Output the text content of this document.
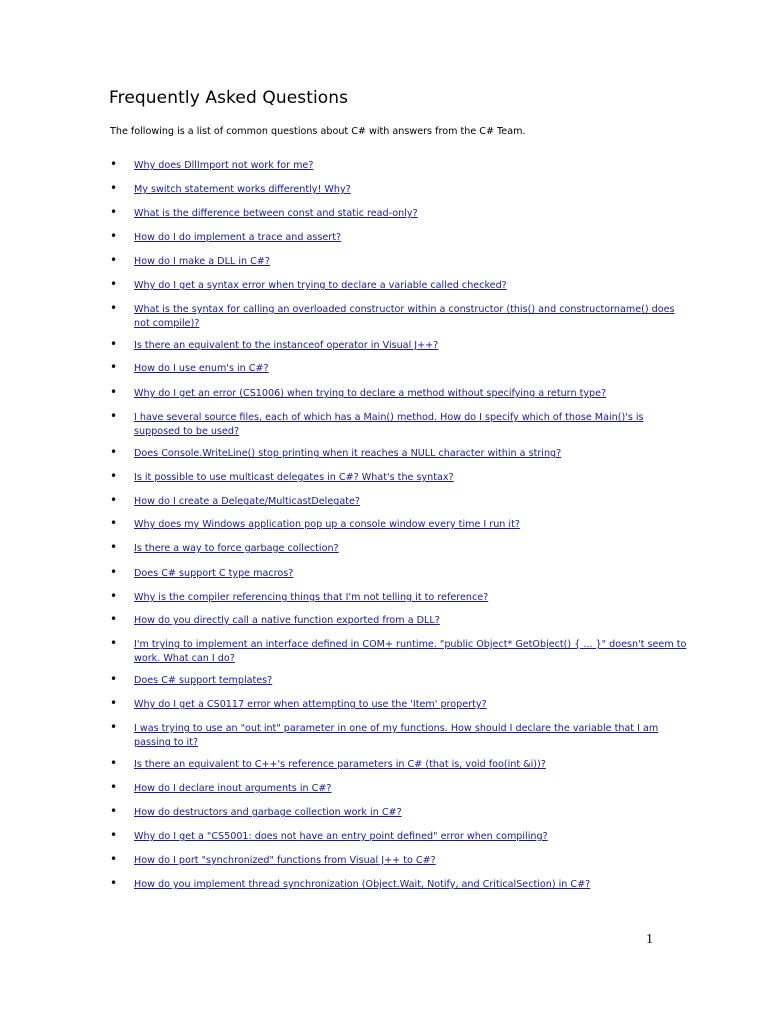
Frequently Asked Questions

The following is a list of common questions about C# with answers from the C# Team.

• Why does DllImport not work for me?
• My switch statement works differently! Why?
• What is the difference between const and static read-only?
• How do I do implement a trace and assert?
• How do I make a DLL in C#?
• Why do I get a syntax error when trying to declare a variable called checked?
• What is the syntax for calling an overloaded constructor within a constructor (this() and constructorname() does not compile)?
• Is there an equivalent to the instanceof operator in Visual J++?
• How do I use enum's in C#?
• Why do I get an error (CS1006) when trying to declare a method without specifying a return type?
• I have several source files, each of which has a Main() method. How do I specify which of those Main()'s is supposed to be used?
• Does Console.WriteLine() stop printing when it reaches a NULL character within a string?
• Is it possible to use multicast delegates in C#? What's the syntax?
• How do I create a Delegate/MulticastDelegate?
• Why does my Windows application pop up a console window every time I run it?
• Is there a way to force garbage collection?
• Does C# support C type macros?
• Why is the compiler referencing things that I'm not telling it to reference?
• How do you directly call a native function exported from a DLL?
• I'm trying to implement an interface defined in COM+ runtime. "public Object* GetObject() { ... }" doesn't seem to work. What can I do?
• Does C# support templates?
• Why do I get a CS0117 error when attempting to use the 'Item' property?
• I was trying to use an "out int" parameter in one of my functions. How should I declare the variable that I am passing to it?
• Is there an equivalent to C++'s reference parameters in C# (that is, void foo(int &i))?
• How do I declare inout arguments in C#?
• How do destructors and garbage collection work in C#?
• Why do I get a "CS5001: does not have an entry point defined" error when compiling?
• How do I port "synchronized" functions from Visual J++ to C#?
• How do you implement thread synchronization (Object.Wait, Notify, and CriticalSection) in C#?
1
